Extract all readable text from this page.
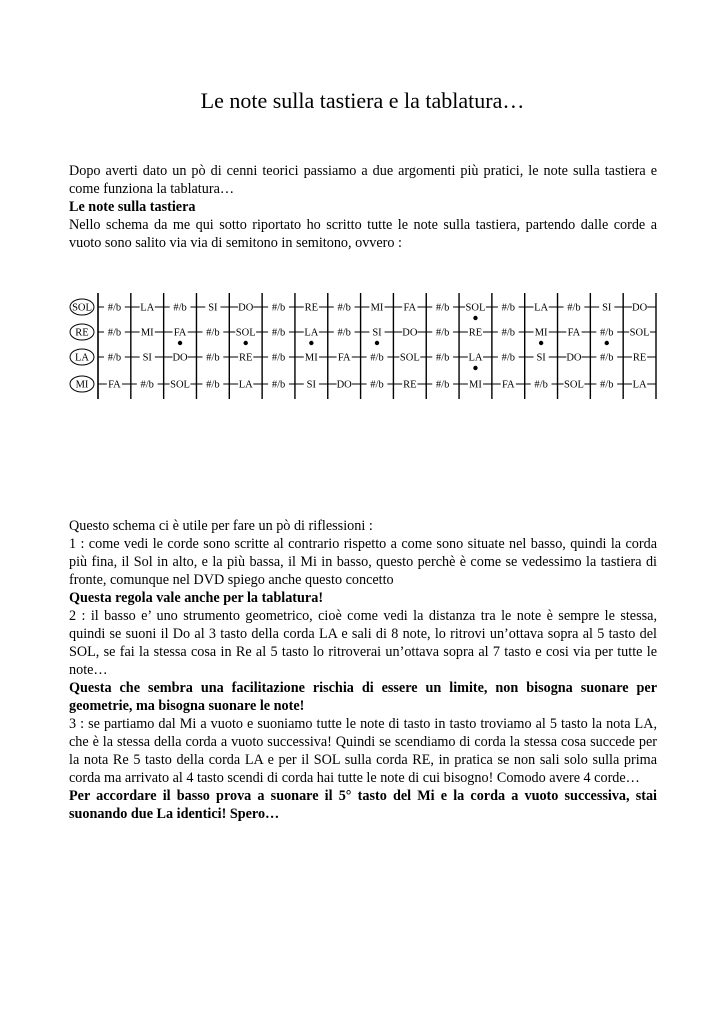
Le note sulla tastiera e la tablatura…

Dopo averti dato un pò di cenni teorici passiamo a due argomenti più pratici, le note sulla tastiera e come funziona la tablatura…

Le note sulla tastiera

Nello schema da me qui sotto riportato ho scritto tutte le note sulla tastiera, partendo dalle corde a vuoto sono salito via via di semitono in semitono, ovvero :

SOL #/b LA #/b SI DO #/b RE #/b MI FA #/b SOL #/b LA #/b SI DO
RE #/b MI FA #/b SOL #/b LA #/b SI DO #/b RE #/b MI FA #/b SOL
LA #/b SI DO #/b RE #/b MI FA #/b SOL #/b LA #/b SI DO #/b RE
MI FA #/b SOL #/b LA #/b SI DO #/b RE #/b MI FA #/b SOL #/b LA

Questo schema ci è utile per fare un pò di riflessioni :

1 : come vedi le corde sono scritte al contrario rispetto a come sono situate nel basso, quindi la corda più fina, il Sol in alto, e la più bassa, il Mi in basso, questo perchè è come se vedessimo la tastiera di fronte, comunque nel DVD spiego anche questo concetto

Questa regola vale anche per la tablatura!

2 : il basso e’ uno strumento geometrico, cioè come vedi la distanza tra le note è sempre le stessa, quindi se suoni il Do al 3 tasto della corda LA e sali di 8 note, lo ritrovi un’ottava sopra al 5 tasto del SOL, se fai la stessa cosa in Re al 5 tasto lo ritroverai un’ottava sopra al 7 tasto e cosi via per tutte le note…

Questa che sembra una facilitazione rischia di essere un limite, non bisogna suonare per geometrie, ma bisogna suonare le note!

3 : se partiamo dal Mi a vuoto e suoniamo tutte le note di tasto in tasto troviamo al 5 tasto la nota LA, che è la stessa della corda a vuoto successiva! Quindi se scendiamo di corda la stessa cosa succede per la nota Re 5 tasto della corda LA e per il SOL sulla corda RE, in pratica se non sali solo sulla prima corda ma arrivato al 4 tasto scendi di corda hai tutte le note di cui bisogno! Comodo avere 4 corde…

Per accordare il basso prova a suonare il 5° tasto del Mi e la corda a vuoto successiva, stai suonando due La identici! Spero…
